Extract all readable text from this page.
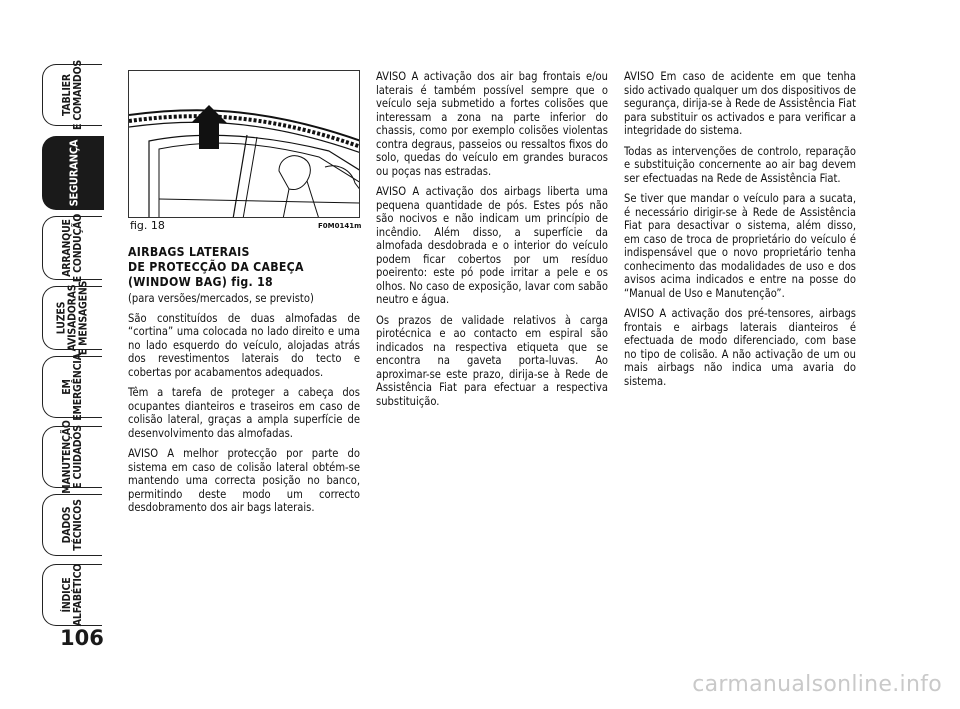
TABLIER
E COMANDOS
SEGURANÇA
ARRANQUE
E CONDUÇÃO
LUZES
AVISADORAS
E MENSAGENS
EM
EMERGÊNCIA
MANUTENÇÃO
E CUIDADOS
DADOS
TÉCNICOS
ÍNDICE
ALFABÉTICO
106
fig. 18	F0M0141m
AIRBAGS LATERAIS
DE PROTECÇÃO DA CABEÇA
(WINDOW BAG) fig. 18

(para versões/mercados, se previsto)

São constituídos de duas almofadas de “cortina” uma colocada no lado direito e uma no lado esquerdo do veículo, alojadas atrás dos revestimentos laterais do tecto e cobertas por acabamentos adequados.

Têm a tarefa de proteger a cabeça dos ocupantes dianteiros e traseiros em caso de colisão lateral, graças a ampla superfície de desenvolvimento das almofadas.

AVISO A melhor protecção por parte do sistema em caso de colisão lateral obtém-se mantendo uma correcta posição no banco, permitindo deste modo um correcto desdobramento dos air bags laterais.

AVISO A activação dos air bag frontais e/ou laterais é também possível sempre que o veículo seja submetido a fortes colisões que interessam a zona na parte inferior do chassis, como por exemplo colisões violentas contra degraus, passeios ou ressaltos fixos do solo, quedas do veículo em grandes buracos ou poças nas estradas.

AVISO A activação dos airbags liberta uma pequena quantidade de pós. Estes pós não são nocivos e não indicam um princípio de incêndio. Além disso, a superfície da almofada desdobrada e o interior do veículo podem ficar cobertos por um resíduo poeirento: este pó pode irritar a pele e os olhos. No caso de exposição, lavar com sabão neutro e água.

Os prazos de validade relativos à carga pirotécnica e ao contacto em espiral são indicados na respectiva etiqueta que se encontra na gaveta porta-luvas. Ao aproximar-se este prazo, dirija-se à Rede de Assistência Fiat para efectuar a respectiva substituição.

AVISO Em caso de acidente em que tenha sido activado qualquer um dos dispositivos de segurança, dirija-se à Rede de Assistência Fiat para substituir os activados e para verificar a integridade do sistema.

Todas as intervenções de controlo, reparação e substituição concernente ao air bag devem ser efectuadas na Rede de Assistência Fiat.

Se tiver que mandar o veículo para a sucata, é necessário dirigir-se à Rede de Assistência Fiat para desactivar o sistema, além disso, em caso de troca de proprietário do veículo é indispensável que o novo proprietário tenha conhecimento das modalidades de uso e dos avisos acima indicados e entre na posse do “Manual de Uso e Manutenção”.

AVISO A activação dos pré-tensores, airbags frontais e airbags laterais dianteiros é efectuada de modo diferenciado, com base no tipo de colisão. A não activação de um ou mais airbags não indica uma avaria do sistema.

carmanualsonline.info
